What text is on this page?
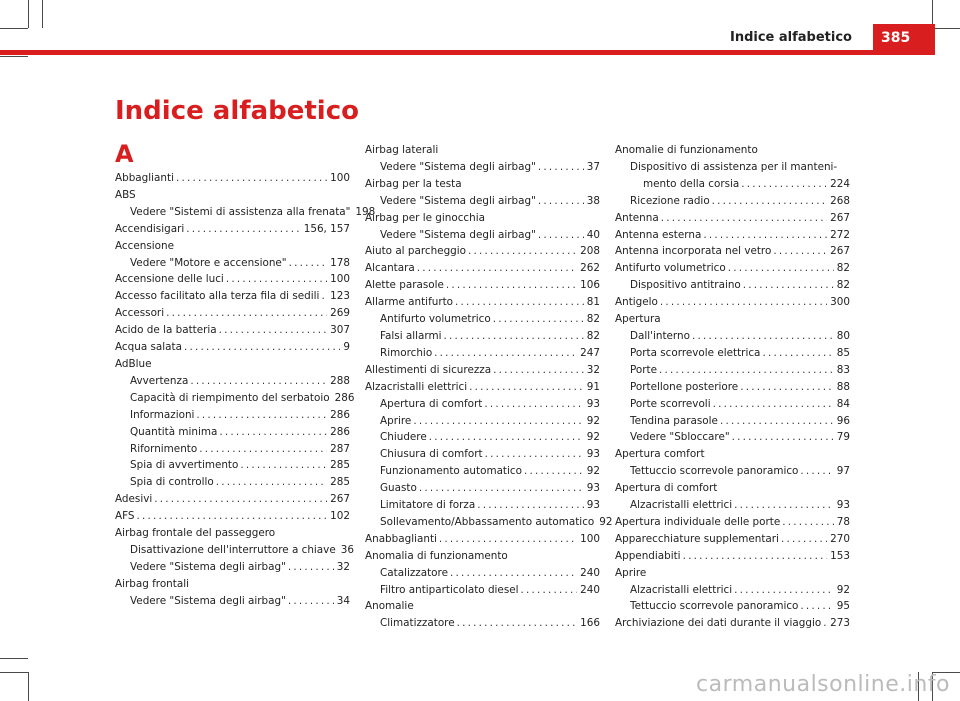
Indice alfabetico	385
Indice alfabetico
A
Abbaglianti .....	100
ABS
Vedere "Sistemi di assistenza alla frenata" 198
Accendisigari .....	156, 157
Accensione
Vedere "Motore e accensione" .....	178
Accensione delle luci .....	100
Accesso facilitato alla terza fila di sedili ..... 123
Accessori .....	269
Acido de la batteria .....	307
Acqua salata .....	9
AdBlue
Avvertenza .....	288
Capacità di riempimento del serbatoio ..... 286
Informazioni .....	286
Quantità minima .....	286
Rifornimento .....	287
Spia di avvertimento .....	285
Spia di controllo .....	285
Adesivi .....	267
AFS .....	102
Airbag frontale del passeggero
Disattivazione dell'interruttore a chiave ..... 36
Vedere "Sistema degli airbag" .....	32
Airbag frontali
Vedere "Sistema degli airbag" .....	34
Airbag laterali
Vedere "Sistema degli airbag" .....	37
Airbag per la testa
Vedere "Sistema degli airbag" .....	38
Airbag per le ginocchia
Vedere "Sistema degli airbag" .....	40
Aiuto al parcheggio .....	208
Alcantara .....	262
Alette parasole .....	106
Allarme antifurto .....	81
Antifurto volumetrico .....	82
Falsi allarmi .....	82
Rimorchio .....	247
Allestimenti di sicurezza .....	32
Alzacristalli elettrici .....	91
Apertura di comfort .....	93
Aprire .....	92
Chiudere .....	92
Chiusura di comfort .....	93
Funzionamento automatico .....	92
Guasto .....	93
Limitatore di forza .....	93
Sollevamento/Abbassamento automatico ..... 92
Anabbaglianti .....	100
Anomalia di funzionamento
Catalizzatore .....	240
Filtro antiparticolato diesel .....	240
Anomalie
Climatizzatore .....	166
Anomalie di funzionamento
Dispositivo di assistenza per il manteni-
mento della corsia .....	224
Ricezione radio .....	268
Antenna .....	267
Antenna esterna .....	272
Antenna incorporata nel vetro .....	267
Antifurto volumetrico .....	82
Dispositivo antitraino .....	82
Antigelo .....	300
Apertura
Dall'interno .....	80
Porta scorrevole elettrica .....	85
Porte .....	83
Portellone posteriore .....	88
Porte scorrevoli .....	84
Tendina parasole .....	96
Vedere "Sbloccare" .....	79
Apertura comfort
Tettuccio scorrevole panoramico .....	97
Apertura di comfort
Alzacristalli elettrici .....	93
Apertura individuale delle porte .....	78
Apparecchiature supplementari .....	270
Appendiabiti .....	153
Aprire
Alzacristalli elettrici .....	92
Tettuccio scorrevole panoramico .....	95
Archiviazione dei dati durante il viaggio ..... 273
carmanualsonline.info
